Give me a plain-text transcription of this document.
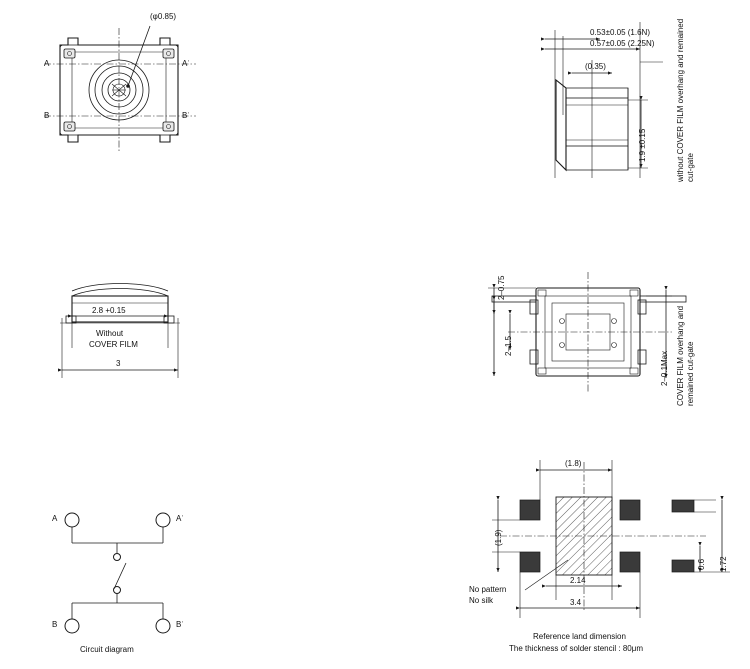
(φ0.85)
A	Aˈ
B	Bˈ
0.53±0.05 (1.6N)
0.57±0.05 (2.25N)
(0.35)
1.9 ±0.15	without COVER FILM overhang and remained cut-gate
2.8 +0.15
Without
COVER FILM
3
2–0.75
2–1.5
2–0.1Max COVER FILM overhang and remained cut-gate
A	Aˈ
B	Bˈ
Circuit diagram
(1.8)
(1.9)
2.14
3.4
0.6 1.72
No pattern
No silk
Reference land dimension
The thickness of solder stencil : 80μm
